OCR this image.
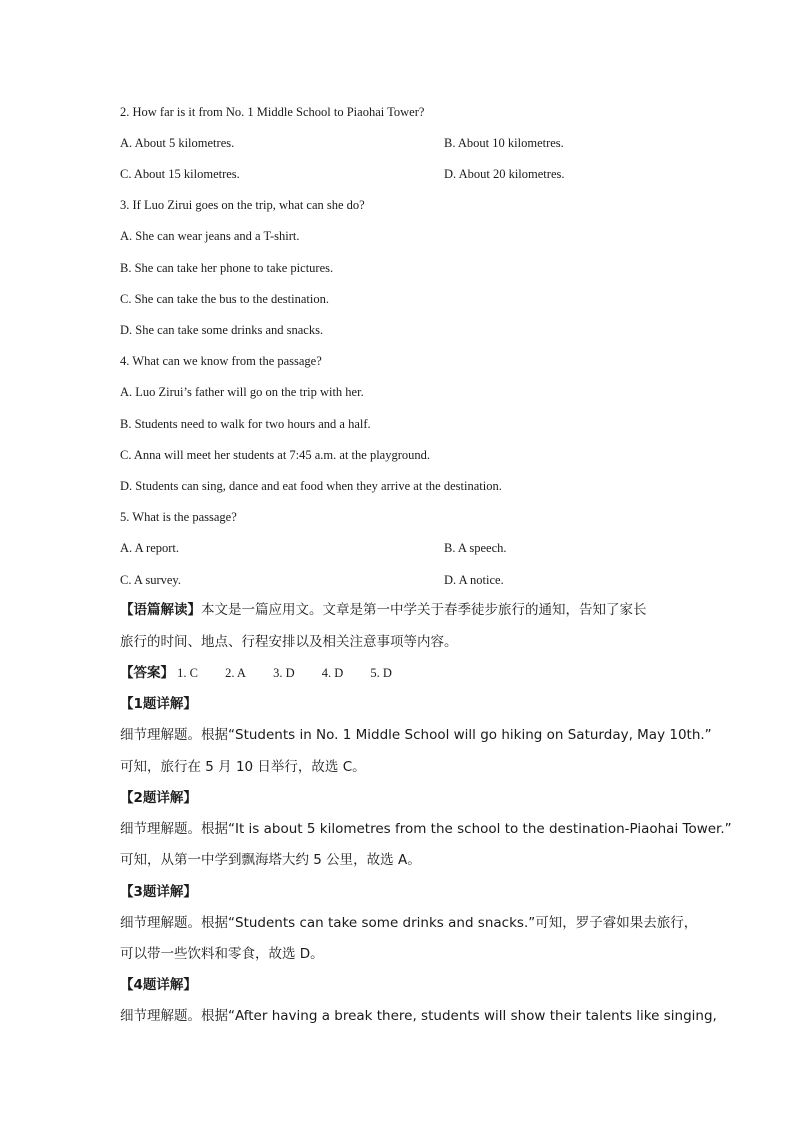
2. How far is it from No. 1 Middle School to Piaohai Tower?
A. About 5 kilometres.	B. About 10 kilometres.
C. About 15 kilometres.	D. About 20 kilometres.
3. If Luo Zirui goes on the trip, what can she do?
A. She can wear jeans and a T-shirt.
B. She can take her phone to take pictures.
C. She can take the bus to the destination.
D. She can take some drinks and snacks.
4. What can we know from the passage?
A. Luo Zirui’s father will go on the trip with her.
B. Students need to walk for two hours and a half.
C. Anna will meet her students at 7:45 a.m. at the playground.
D. Students can sing, dance and eat food when they arrive at the destination.
5. What is the passage?
A. A report.	B. A speech.
C. A survey.	D. A notice.
【语篇解读】本文是一篇应用文。文章是第一中学关于春季徒步旅行的通知，告知了家长
旅行的时间、地点、行程安排以及相关注意事项等内容。
【答案】 1. C 2. A 3. D 4. D 5. D
【1题详解】
细节理解题。根据“Students in No. 1 Middle School will go hiking on Saturday, May 10th.”
可知，旅行在 5 月 10 日举行，故选 C。
【2题详解】
细节理解题。根据“It is about 5 kilometres from the school to the destination-Piaohai Tower.”
可知，从第一中学到飘海塔大约 5 公里，故选 A。
【3题详解】
细节理解题。根据“Students can take some drinks and snacks.”可知，罗子睿如果去旅行，
可以带一些饮料和零食，故选 D。
【4题详解】
细节理解题。根据“After having a break there, students will show their talents like singing,
